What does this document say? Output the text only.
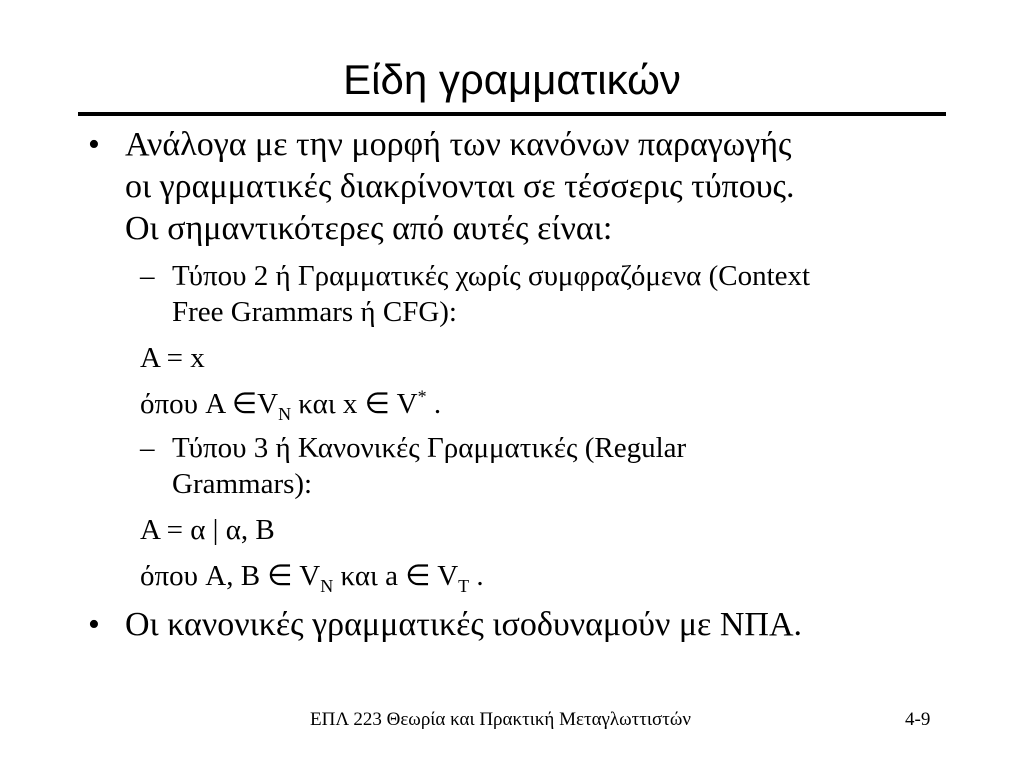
Είδη γραμματικών
• Ανάλογα με την μορφή των κανόνων παραγωγής
οι γραμματικές διακρίνονται σε τέσσερις τύπους.
Οι σημαντικότερες από αυτές είναι:
– Τύπου 2 ή Γραμματικές χωρίς συμφραζόμενα (Context
Free Grammars ή CFG):
A = x
όπου A $\in V_N$ και x ∈ V* .
– Τύπου 3 ή Κανονικές Γραμματικές (Regular
Grammars):
A = α | α, B
όπου A, B ∈ $V_N$ και a ∈ $V_T$ .
• Οι κανονικές γραμματικές ισοδυναμούν με ΝΠΑ.
ΕΠΛ 223 Θεωρία και Πρακτική Μεταγλωττιστών	4-9
